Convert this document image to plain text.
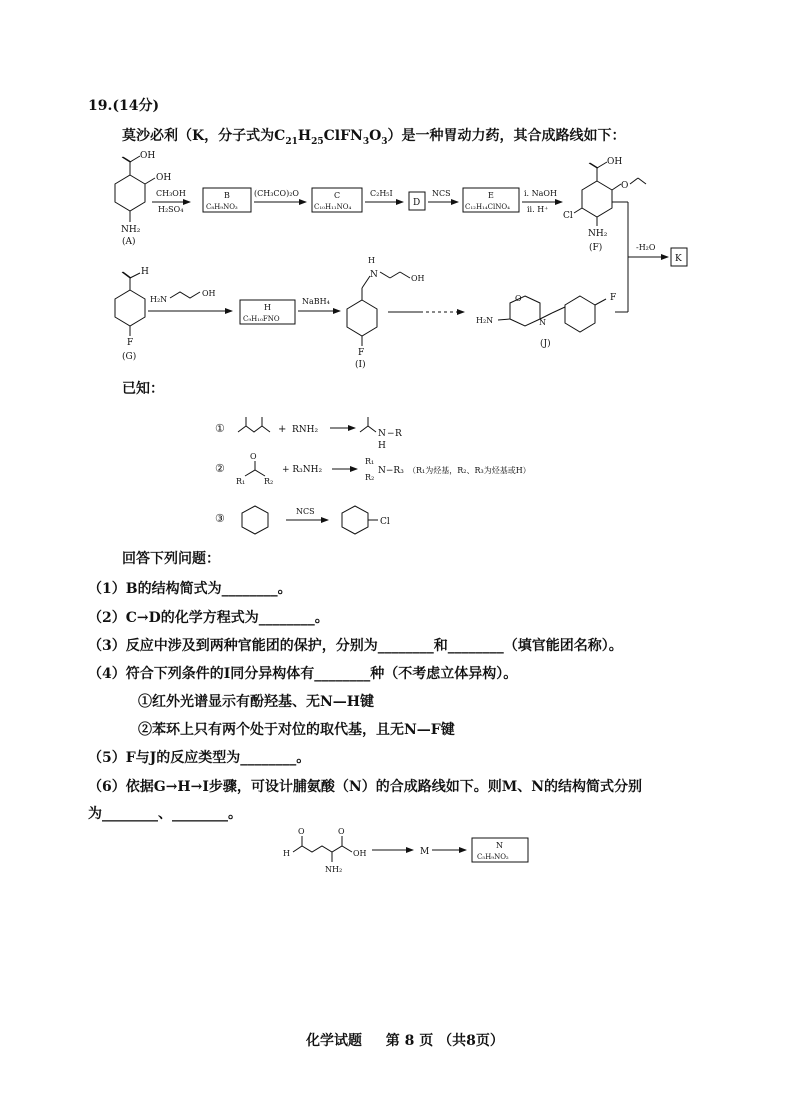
19.(14分)
莫沙必利（K，分子式为$C_{21}H_{25}ClFN_3O_3$）是一种胃动力药，其合成路线如下：
OH
OH
NH₂
(A)
CH₃OH
H₂SO₄
B
C₈H₉NO₃
(CH₃CO)₂O	C
C₁₀H₁₁NO₄
C₂H₅I
D
NCS	E
C₁₂H₁₄ClNO₄
i. NaOH
ii. H⁺
OH
O
Cl
NH₂
(F)	-H₂O
K
H
F
(G)
H₂N
OH
H
C₉H₁₀FNO
NaBH₄
H
N	OH
F
(I)
H₂N
O
N
F
(J)
已知：
①	+ RNH₂	N − R
H
②
O
R₁ R₂
+ R₃NH₂
R₁
R₂
N−R₃ （R₁为烃基，R₂、R₃为烃基或H）
③
NCS
Cl
回答下列问题：
（1）B的结构简式为________。
（2）C→D的化学方程式为________。
（3）反应中涉及到两种官能团的保护，分别为________和________（填官能团名称）。
（4）符合下列条件的I同分异构体有________种（不考虑立体异构）。
①红外光谱显示有酚羟基、无N—H键
②苯环上只有两个处于对位的取代基，且无N—F键
（5）F与J的反应类型为________。
（6）依据G→H→I步骤，可设计脯氨酸（N）的合成路线如下。则M、N的结构简式分别
为________、________。
H
O	O
OH
NH₂
M
N
C₅H₉NO₂
化学试题 第 8 页 （共8页）
